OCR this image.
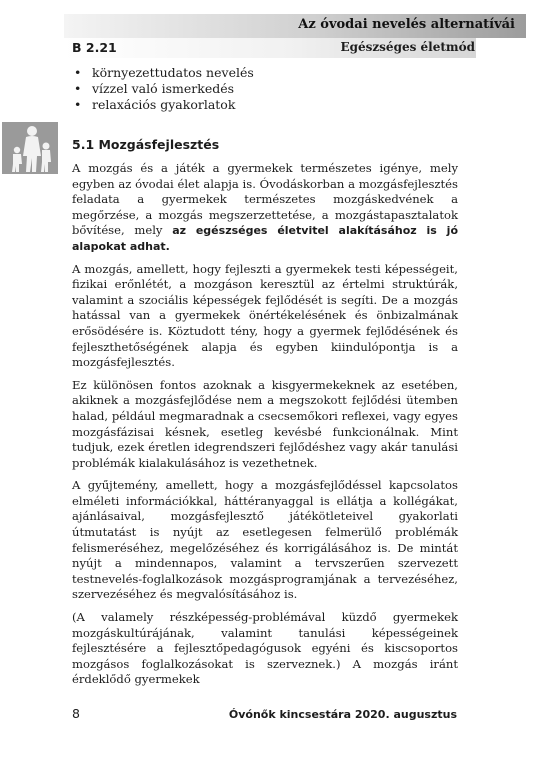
Az óvodai nevelés alternatívái
B 2.21	Egészséges életmód
• környezettudatos nevelés
• vízzel való ismerkedés
• relaxációs gyakorlatok
5.1 Mozgásfejlesztés

A mozgás és a játék a gyermekek természetes igénye, mely egyben az óvodai élet alapja is. Óvodáskorban a mozgásfejlesztés feladata a gyermekek természetes mozgáskedvének a megőrzése, a mozgás megszerzettetése, a mozgástapasztalatok bővítése, mely az egészséges életvitel alakításához is jó alapokat adhat.

A mozgás, amellett, hogy fejleszti a gyermekek testi képességeit, fizikai erőnlétét, a mozgáson keresztül az értelmi struktúrák, valamint a szociális képességek fejlődését is segíti. De a mozgás hatással van a gyermekek önértékelésének és önbizalmának erősödésére is. Köztudott tény, hogy a gyermek fejlődésének és fejleszthetőségének alapja és egyben kiindulópontja is a mozgásfejlesztés.

Ez különösen fontos azoknak a kisgyermekeknek az esetében, akiknek a mozgásfejlődése nem a megszokott fejlődési ütemben halad, például megmaradnak a csecsemőkori reflexei, vagy egyes mozgásfázisai késnek, esetleg kevésbé funkcionálnak. Mint tudjuk, ezek éretlen idegrendszeri fejlődéshez vagy akár tanulási problémák kialakulásához is vezethetnek.

A gyűjtemény, amellett, hogy a mozgásfejlődéssel kapcsolatos elméleti információkkal, háttéranyaggal is ellátja a kollégákat, ajánlásaival, mozgásfejlesztő játékötleteivel gyakorlati útmutatást is nyújt az esetlegesen felmerülő problémák felismeréséhez, megelőzéséhez és korrigálásához is. De mintát nyújt a mindennapos, valamint a tervszerűen szervezett testnevelés-foglalkozások mozgásprogramjának a tervezéséhez, szervezéséhez és megvalósításához is.

(A valamely részképesség-problémával küzdő gyermekek mozgáskultúrájának, valamint tanulási képességeinek fejlesztésére a fejlesztőpedagógusok egyéni és kiscsoportos mozgásos foglalkozásokat is szerveznek.) A mozgás iránt érdeklődő gyermekek

8	Óvónők kincsestára 2020. augusztus
